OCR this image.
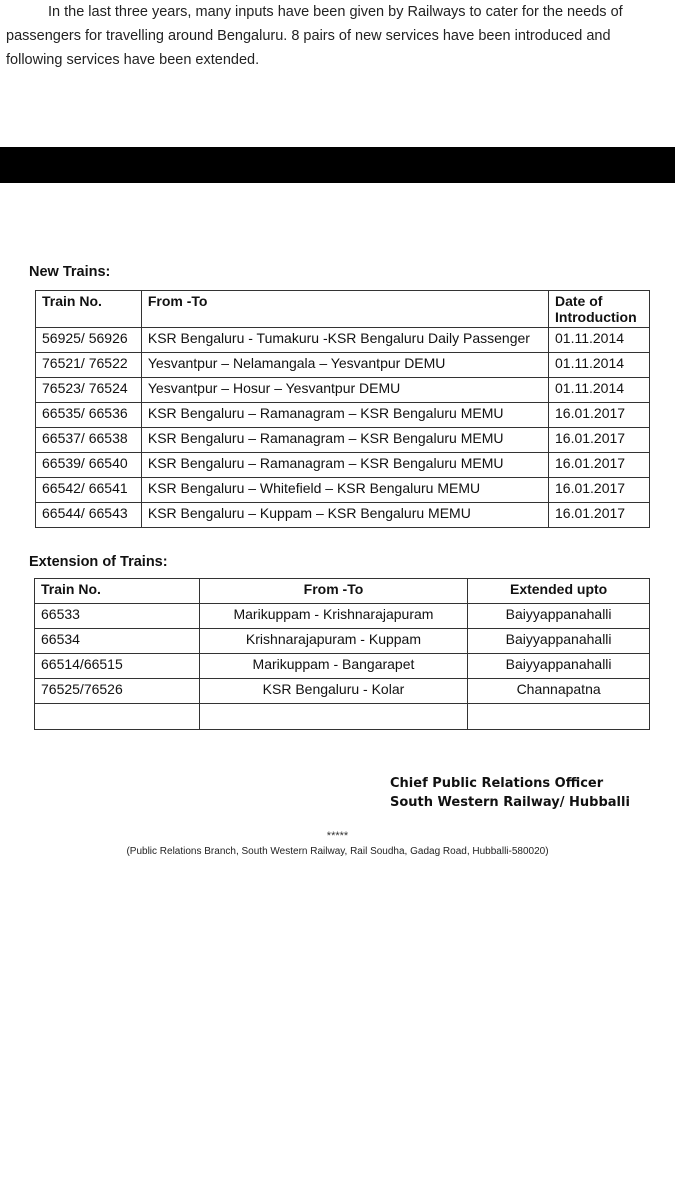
In the last three years, many inputs have been given by Railways to cater for the needs of passengers for travelling around Bengaluru. 8 pairs of new services have been introduced and following services have been extended.

New Trains:
Train No.	From -To	Date of Introduction
56925/ 56926	KSR Bengaluru - Tumakuru -KSR Bengaluru Daily Passenger	01.11.2014
76521/ 76522	Yesvantpur – Nelamangala – Yesvantpur DEMU	01.11.2014
76523/ 76524	Yesvantpur – Hosur – Yesvantpur DEMU	01.11.2014
66535/ 66536	KSR Bengaluru – Ramanagram – KSR Bengaluru MEMU	16.01.2017
66537/ 66538	KSR Bengaluru – Ramanagram – KSR Bengaluru MEMU	16.01.2017
66539/ 66540	KSR Bengaluru – Ramanagram – KSR Bengaluru MEMU	16.01.2017
66542/ 66541	KSR Bengaluru – Whitefield – KSR Bengaluru MEMU	16.01.2017
66544/ 66543	KSR Bengaluru – Kuppam – KSR Bengaluru MEMU	16.01.2017
Extension of Trains:
Train No.	From -To	Extended upto
66533	Marikuppam - Krishnarajapuram	Baiyyappanahalli
66534	Krishnarajapuram - Kuppam	Baiyyappanahalli
66514/66515	Marikuppam - Bangarapet	Baiyyappanahalli
76525/76526	KSR Bengaluru - Kolar	Channapatna

Chief Public Relations Officer
South Western Railway/ Hubballi
*****
(Public Relations Branch, South Western Railway, Rail Soudha, Gadag Road, Hubballi-580020)
